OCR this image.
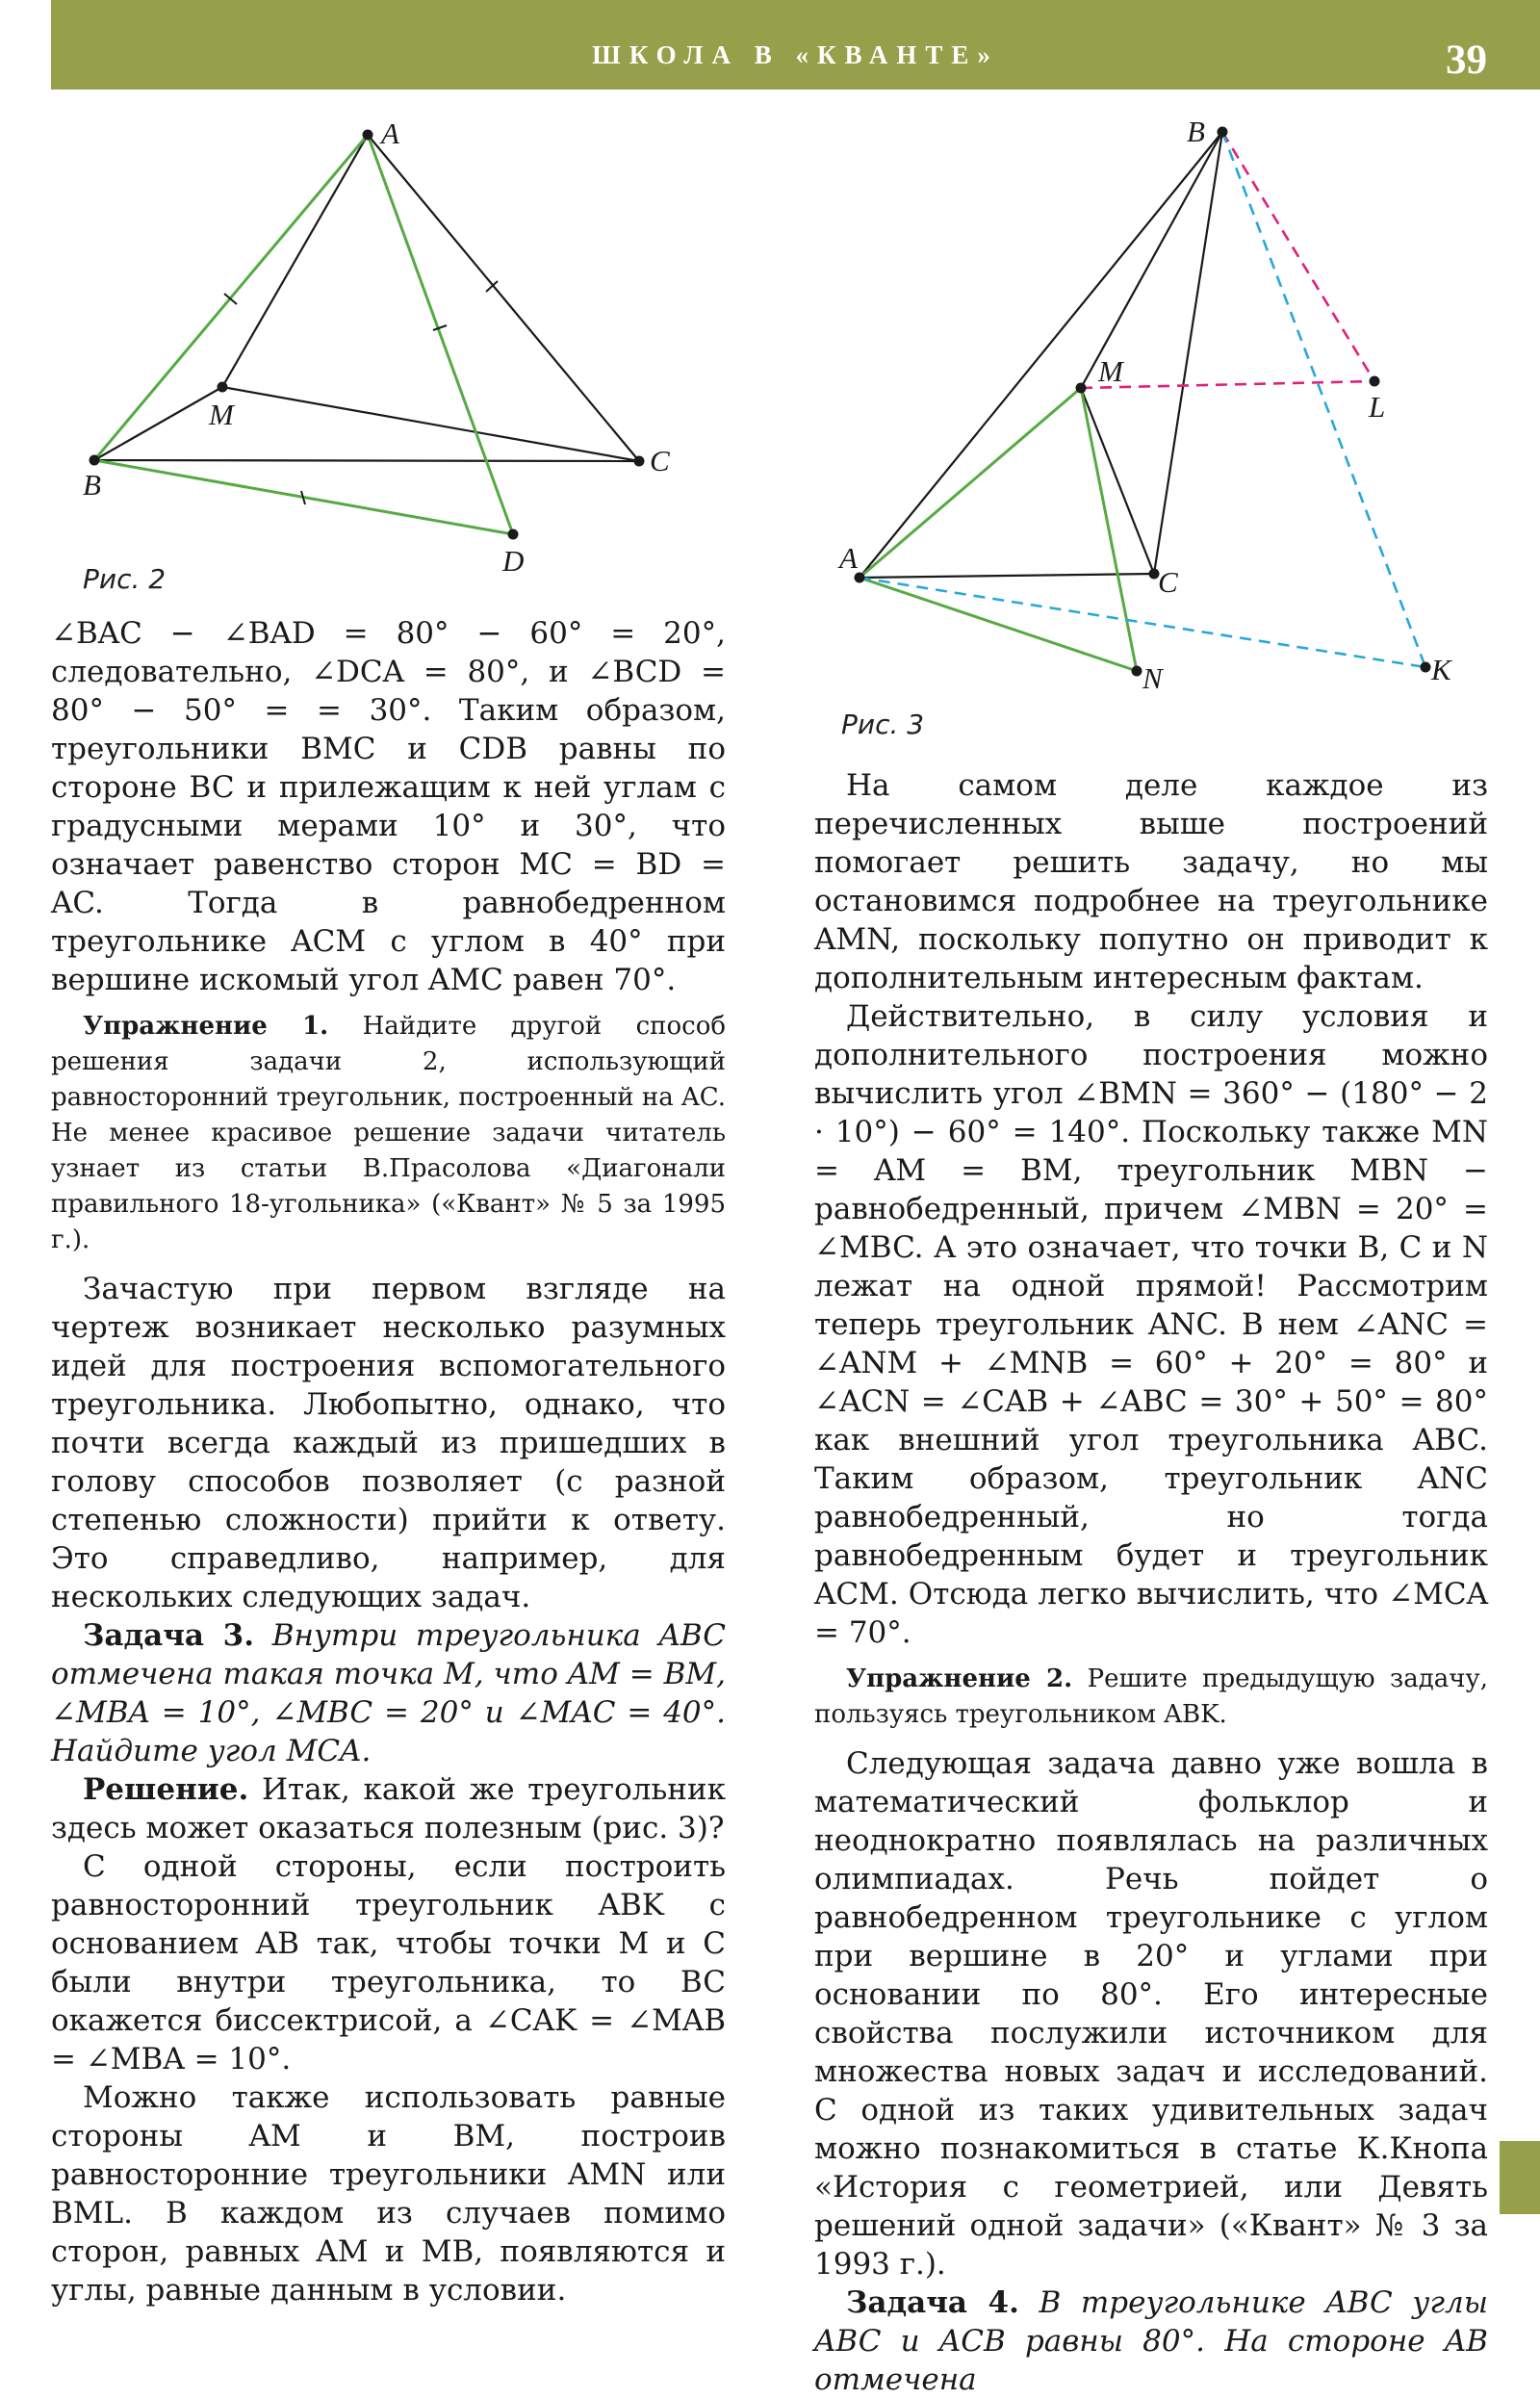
ШКОЛА В «КВАНТЕ»	39
A
M
B
C
D
Рис. 2
B
M
L
A
C
N	K
Рис. 3

∠BAC − ∠BAD = 80° − 60° = 20°, следовательно, ∠DCA = 80°, и ∠BCD = 80° − 50° = = 30°. Таким образом, треугольники BMC и CDB равны по стороне BC и прилежащим к ней углам с градусными мерами 10° и 30°, что означает равенство сторон MC = BD = AC. Тогда в равнобедренном треугольнике ACM с углом в 40° при вершине искомый угол AMC равен 70°.

Упражнение 1. Найдите другой способ решения задачи 2, использующий равносторонний треугольник, построенный на AC. Не менее красивое решение задачи читатель узнает из статьи В.Прасолова «Диагонали правильного 18-угольника» («Квант» № 5 за 1995 г.).

Зачастую при первом взгляде на чертеж возникает несколько разумных идей для построения вспомогательного треугольника. Любопытно, однако, что почти всегда каждый из пришедших в голову способов позволяет (с разной степенью сложности) прийти к ответу. Это справедливо, например, для нескольких следующих задач.

Задача 3. Внутри треугольника ABC отмечена такая точка M, что AM = BM, ∠MBA = 10°, ∠MBC = 20° и ∠MAC = 40°. Найдите угол MCA.

Решение. Итак, какой же треугольник здесь может оказаться полезным (рис. 3)?

С одной стороны, если построить равносторонний треугольник ABK с основанием AB так, чтобы точки M и C были внутри треугольника, то BC окажется биссектрисой, а ∠CAK = ∠MAB = ∠MBA = 10°.

Можно также использовать равные стороны AM и BM, построив равносторонние треугольники AMN или BML. В каждом из случаев помимо сторон, равных AM и MB, появляются и углы, равные данным в условии.

На самом деле каждое из перечисленных выше построений помогает решить задачу, но мы остановимся подробнее на треугольнике AMN, поскольку попутно он приводит к дополнительным интересным фактам.

Действительно, в силу условия и дополнительного построения можно вычислить угол ∠BMN = 360° − (180° − 2 · 10°) − 60° = 140°. Поскольку также MN = AM = BM, треугольник MBN − равнобедренный, причем ∠MBN = 20° = ∠MBC. А это означает, что точки B, C и N лежат на одной прямой! Рассмотрим теперь треугольник ANC. В нем ∠ANC = ∠ANM + ∠MNB = 60° + 20° = 80° и ∠ACN = ∠CAB + ∠ABC = 30° + 50° = 80° как внешний угол треугольника ABC. Таким образом, треугольник ANC равнобедренный, но тогда равнобедренным будет и треугольник ACM. Отсюда легко вычислить, что ∠MCA = 70°.

Упражнение 2. Решите предыдущую задачу, пользуясь треугольником ABK.

Следующая задача давно уже вошла в математический фольклор и неоднократно появлялась на различных олимпиадах. Речь пойдет о равнобедренном треугольнике с углом при вершине в 20° и углами при основании по 80°. Его интересные свойства послужили источником для множества новых задач и исследований. С одной из таких удивительных задач можно познакомиться в статье К.Кнопа «История с геометрией, или Девять решений одной задачи» («Квант» № 3 за 1993 г.).

Задача 4. В треугольнике ABC углы ABC и ACB равны 80°. На стороне AB отмечена
